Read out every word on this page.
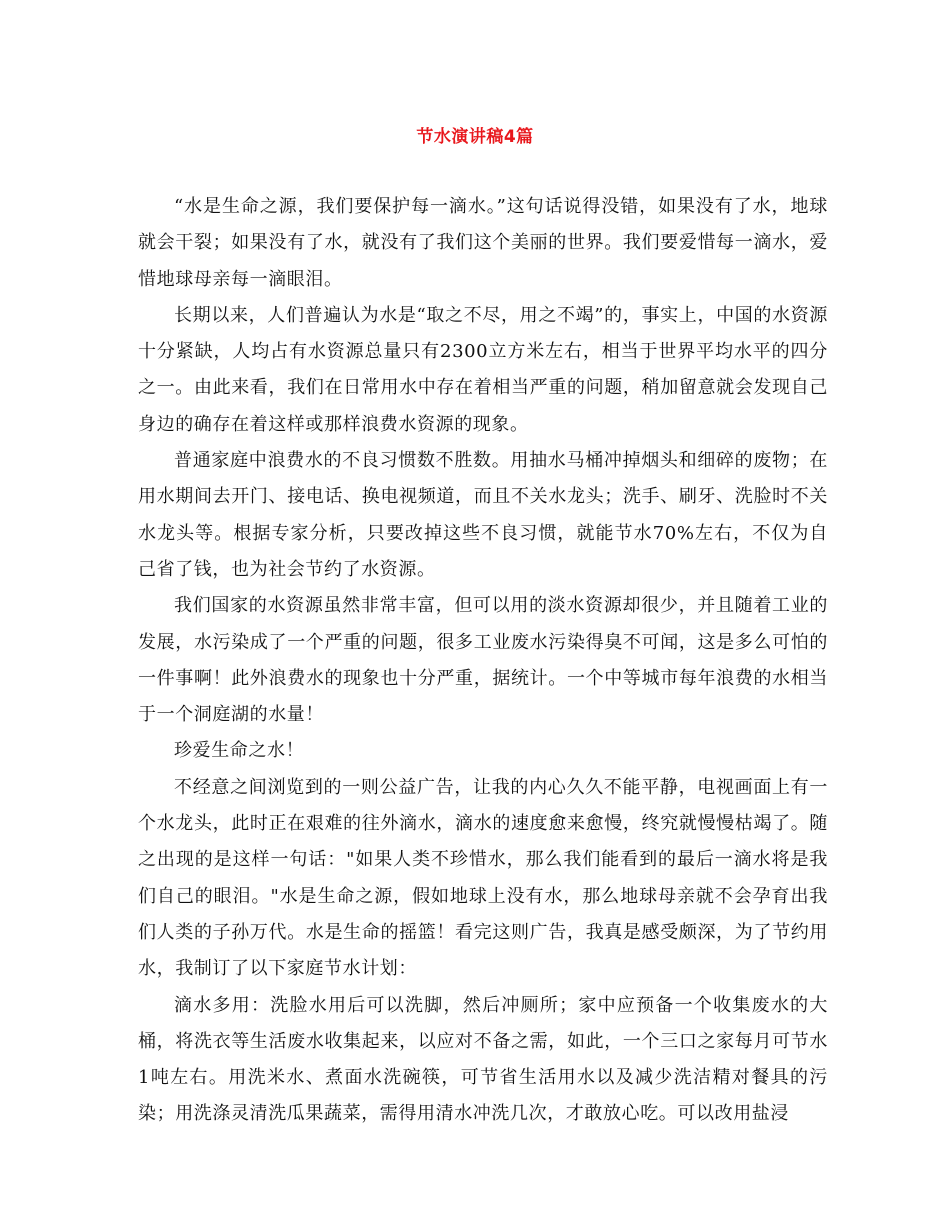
节水演讲稿4篇

“水是生命之源，我们要保护每一滴水。”这句话说得没错，如果没有了水，地球就会干裂；如果没有了水，就没有了我们这个美丽的世界。我们要爱惜每一滴水，爱惜地球母亲每一滴眼泪。

长期以来，人们普遍认为水是“取之不尽，用之不竭”的，事实上，中国的水资源十分紧缺，人均占有水资源总量只有2300立方米左右，相当于世界平均水平的四分之一。由此来看，我们在日常用水中存在着相当严重的问题，稍加留意就会发现自己身边的确存在着这样或那样浪费水资源的现象。

普通家庭中浪费水的不良习惯数不胜数。用抽水马桶冲掉烟头和细碎的废物；在用水期间去开门、接电话、换电视频道，而且不关水龙头；洗手、刷牙、洗脸时不关水龙头等。根据专家分析，只要改掉这些不良习惯，就能节水70%左右，不仅为自己省了钱，也为社会节约了水资源。

我们国家的水资源虽然非常丰富，但可以用的淡水资源却很少，并且随着工业的发展，水污染成了一个严重的问题，很多工业废水污染得臭不可闻，这是多么可怕的一件事啊！此外浪费水的现象也十分严重，据统计。一个中等城市每年浪费的水相当于一个洞庭湖的水量！

珍爱生命之水！

不经意之间浏览到的一则公益广告，让我的内心久久不能平静，电视画面上有一个水龙头，此时正在艰难的往外滴水，滴水的速度愈来愈慢，终究就慢慢枯竭了。随之出现的是这样一句话："如果人类不珍惜水，那么我们能看到的最后一滴水将是我们自己的眼泪。"水是生命之源，假如地球上没有水，那么地球母亲就不会孕育出我们人类的子孙万代。水是生命的摇篮！看完这则广告，我真是感受颇深，为了节约用水，我制订了以下家庭节水计划：

滴水多用：洗脸水用后可以洗脚，然后冲厕所；家中应预备一个收集废水的大桶，将洗衣等生活废水收集起来，以应对不备之需，如此，一个三口之家每月可节水1吨左右。用洗米水、煮面水洗碗筷，可节省生活用水以及减少洗洁精对餐具的污染；用洗涤灵清洗瓜果蔬菜，需得用清水冲洗几次，才敢放心吃。可以改用盐浸
